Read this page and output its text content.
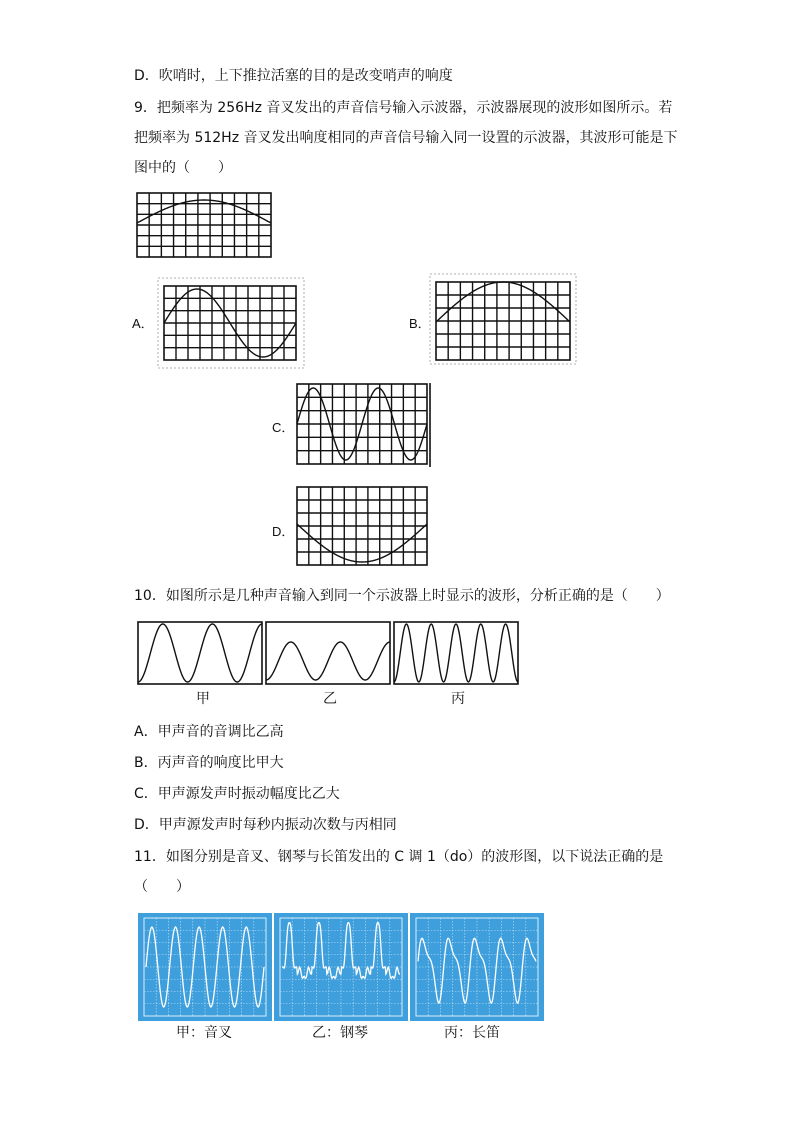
D．吹哨时，上下推拉活塞的目的是改变哨声的响度
9．把频率为 256Hz 音叉发出的声音信号输入示波器，示波器展现的波形如图所示。若
把频率为 512Hz 音叉发出响度相同的声音信号输入同一设置的示波器，其波形可能是下
图中的（　　）
A．	B．
C．
D．
10．如图所示是几种声音输入到同一个示波器上时显示的波形，分析正确的是（　　）
甲	乙	丙
A．甲声音的音调比乙高
B．丙声音的响度比甲大
C．甲声源发声时振动幅度比乙大
D．甲声源发声时每秒内振动次数与丙相同
11．如图分别是音叉、钢琴与长笛发出的 C 调 1（do）的波形图，以下说法正确的是
（　　）
甲：音叉	乙：钢琴	丙：长笛
